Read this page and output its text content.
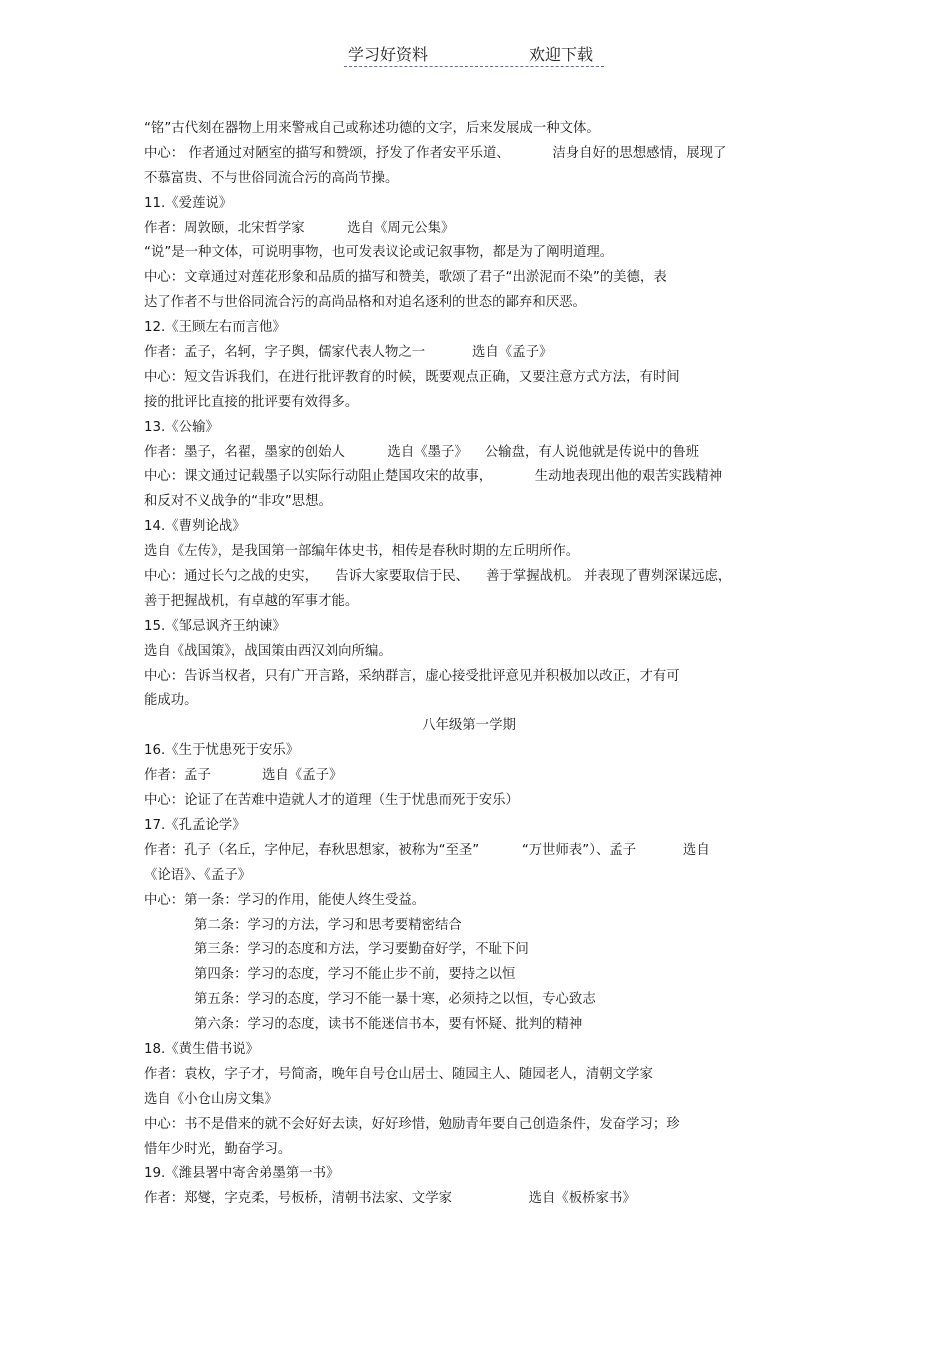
学习好资料	欢迎下载
“铭”古代刻在器物上用来警戒自己或称述功德的文字，后来发展成一种文体。
中心： 作者通过对陋室的描写和赞颂，抒发了作者安平乐道、          洁身自好的思想感情，展现了
不慕富贵、不与世俗同流合污的高尚节操。
11.《爱莲说》
作者：周敦颐，北宋哲学家          选自《周元公集》
“说”是一种文体，可说明事物，也可发表议论或记叙事物，都是为了阐明道理。
中心：文章通过对莲花形象和品质的描写和赞美，歌颂了君子“出淤泥而不染”的美德，表
达了作者不与世俗同流合污的高尚品格和对追名逐利的世态的鄙弃和厌恶。
12.《王顾左右而言他》
作者：孟子，名轲，字子舆，儒家代表人物之一           选自《孟子》
中心：短文告诉我们，在进行批评教育的时候，既要观点正确，又要注意方式方法，有时间
接的批评比直接的批评要有效得多。
13.《公输》
作者：墨子，名翟，墨家的创始人          选自《墨子》    公输盘，有人说他就是传说中的鲁班
中心：课文通过记载墨子以实际行动阻止楚国攻宋的故事，          生动地表现出他的艰苦实践精神
和反对不义战争的“非攻”思想。
14.《曹刿论战》
选自《左传》，是我国第一部编年体史书，相传是春秋时期的左丘明所作。
中心：通过长勺之战的史实，    告诉大家要取信于民、    善于掌握战机。 并表现了曹刿深谋远虑，
善于把握战机，有卓越的军事才能。
15.《邹忌讽齐王纳谏》
选自《战国策》，战国策由西汉刘向所编。
中心：告诉当权者，只有广开言路，采纳群言，虚心接受批评意见并积极加以改正，才有可
能成功。
八年级第一学期
16.《生于忧患死于安乐》
作者：孟子            选自《孟子》
中心：论证了在苦难中造就人才的道理（生于忧患而死于安乐）
17.《孔孟论学》
作者：孔子（名丘，字仲尼，春秋思想家，被称为“至圣”          “万世师表”）、孟子           选自
《论语》、《孟子》
中心：第一条：学习的作用，能使人终生受益。
第二条：学习的方法，学习和思考要精密结合
第三条：学习的态度和方法，学习要勤奋好学，不耻下问
第四条：学习的态度，学习不能止步不前，要持之以恒
第五条：学习的态度，学习不能一暴十寒，必须持之以恒，专心致志
第六条：学习的态度，读书不能迷信书本，要有怀疑、批判的精神
18.《黄生借书说》
作者：袁枚，字子才，号简斋，晚年自号仓山居士、随园主人、随园老人，清朝文学家
选自《小仓山房文集》
中心：书不是借来的就不会好好去读，好好珍惜，勉励青年要自己创造条件，发奋学习；珍
惜年少时光，勤奋学习。
19.《潍县署中寄舍弟墨第一书》
作者：郑燮，字克柔，号板桥，清朝书法家、文学家                  选自《板桥家书》
